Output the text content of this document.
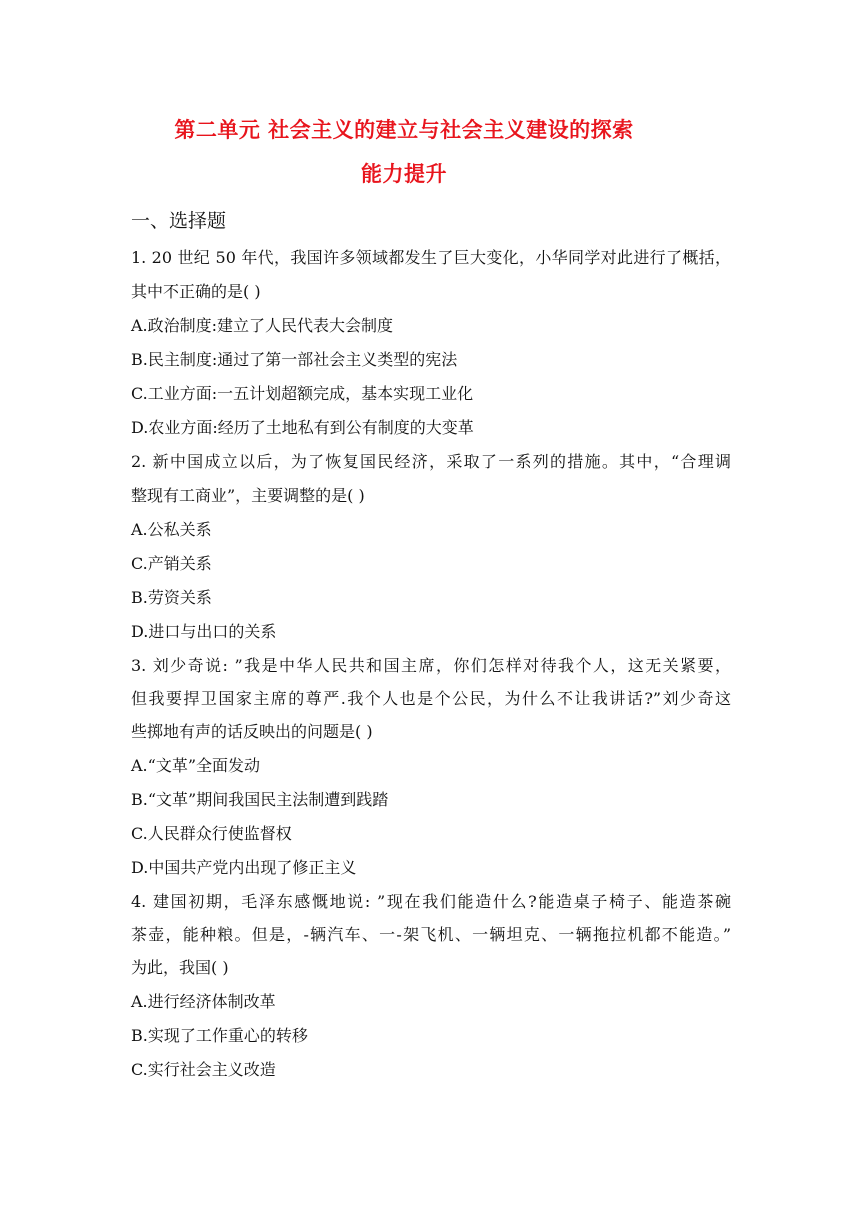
第二单元 社会主义的建立与社会主义建设的探索
能力提升
一、选择题
1. 20 世纪 50 年代，我国许多领域都发生了巨大变化，小华同学对此进行了概括，
其中不正确的是( )
A.政治制度:建立了人民代表大会制度
B.民主制度:通过了第一部社会主义类型的宪法
C.工业方面:一五计划超额完成，基本实现工业化
D.农业方面:经历了土地私有到公有制度的大变革
2. 新中国成立以后，为了恢复国民经济，采取了一系列的措施。其中，“合理调
整现有工商业”，主要调整的是( )
A.公私关系
C.产销关系
B.劳资关系
D.进口与出口的关系
3. 刘少奇说: ”我是中华人民共和国主席，你们怎样对待我个人，这无关紧要，
但我要捍卫国家主席的尊严.我个人也是个公民，为什么不让我讲话?”刘少奇这
些掷地有声的话反映出的问题是( )
A.“文革”全面发动
B.“文革”期间我国民主法制遭到践踏
C.人民群众行使监督权
D.中国共产党内出现了修正主义
4. 建国初期，毛泽东感慨地说: ”现在我们能造什么?能造桌子椅子、能造茶碗
茶壶，能种粮。但是，-辆汽车、一-架飞机、一辆坦克、一辆拖拉机都不能造。”
为此，我国( )
A.进行经济体制改革
B.实现了工作重心的转移
C.实行社会主义改造
